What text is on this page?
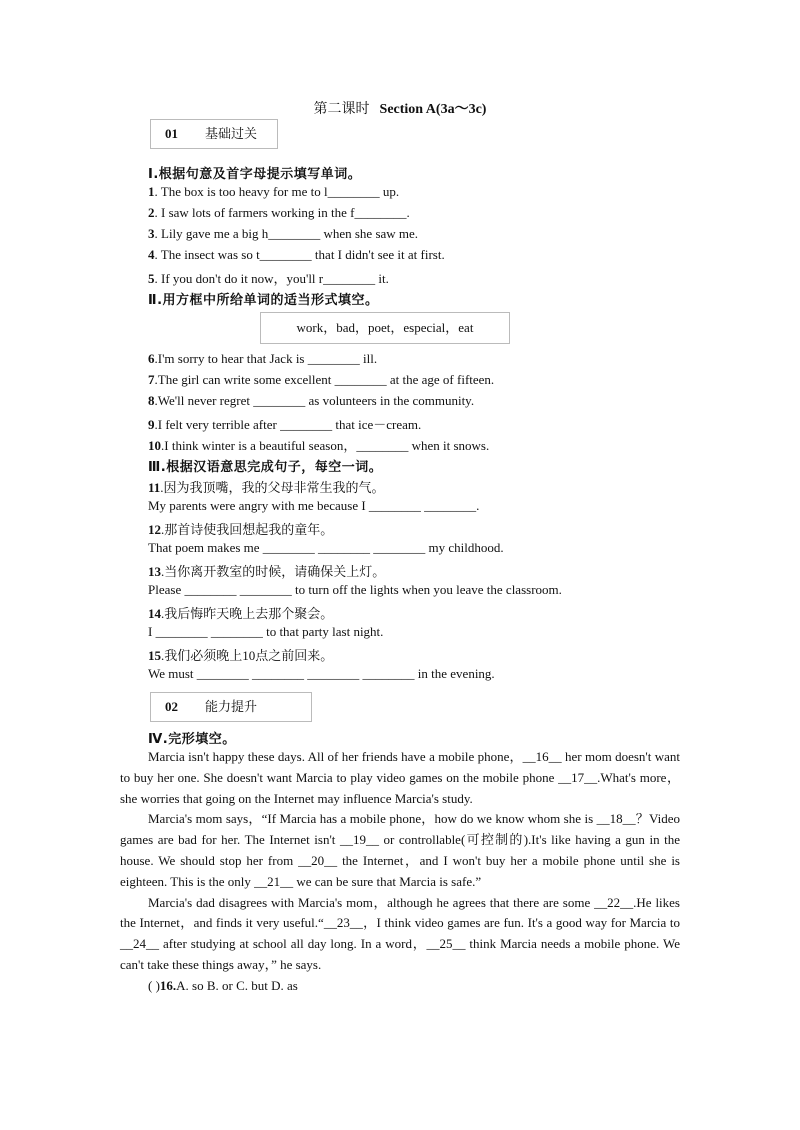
第二课时 Section A(3a～3c)
01 基础过关
Ⅰ.根据句意及首字母提示填写单词。
1. The box is too heavy for me to l________ up.
2. I saw lots of farmers working in the f________.
3. Lily gave me a big h________ when she saw me.
4. The insect was so t________ that I didn't see it at first.
5. If you don't do it now，you'll r________ it.
Ⅱ.用方框中所给单词的适当形式填空。
work，bad，poet，especial，eat
6.I'm sorry to hear that Jack is ________ ill.
7.The girl can write some excellent ________ at the age of fifteen.
8.We'll never regret ________ as volunteers in the community.
9.I felt very terrible after ________ that ice－cream.
10.I think winter is a beautiful season，________ when it snows.
Ⅲ.根据汉语意思完成句子，每空一词。
11.因为我顶嘴，我的父母非常生我的气。
My parents were angry with me because I ________ ________.
12.那首诗使我回想起我的童年。
That poem makes me ________ ________ ________ my childhood.
13.当你离开教室的时候，请确保关上灯。
Please ________ ________ to turn off the lights when you leave the classroom.
14.我后悔昨天晚上去那个聚会。
I ________ ________ to that party last night.
15.我们必须晚上10点之前回来。
We must ________ ________ ________ ________ in the evening.
02 能力提升
Ⅳ.完形填空。

Marcia isn't happy these days. All of her friends have a mobile phone，__16__ her mom doesn't want to buy her one. She doesn't want Marcia to play video games on the mobile phone __17__.What's more，she worries that going on the Internet may influence Marcia's study.

Marcia's mom says，“If Marcia has a mobile phone，how do we know whom she is __18__？Video games are bad for her. The Internet isn't __19__ or controllable(可控制的).It's like having a gun in the house. We should stop her from __20__ the Internet，and I won't buy her a mobile phone until she is eighteen. This is the only __21__ we can be sure that Marcia is safe.”

Marcia's dad disagrees with Marcia's mom，although he agrees that there are some __22__.He likes the Internet，and finds it very useful.“__23__，I think video games are fun. It's a good way for Marcia to __24__ after studying at school all day long. In a word，__25__ think Marcia needs a mobile phone. We can't take these things away，” he says.

( )16.A. so B. or C. but D. as
